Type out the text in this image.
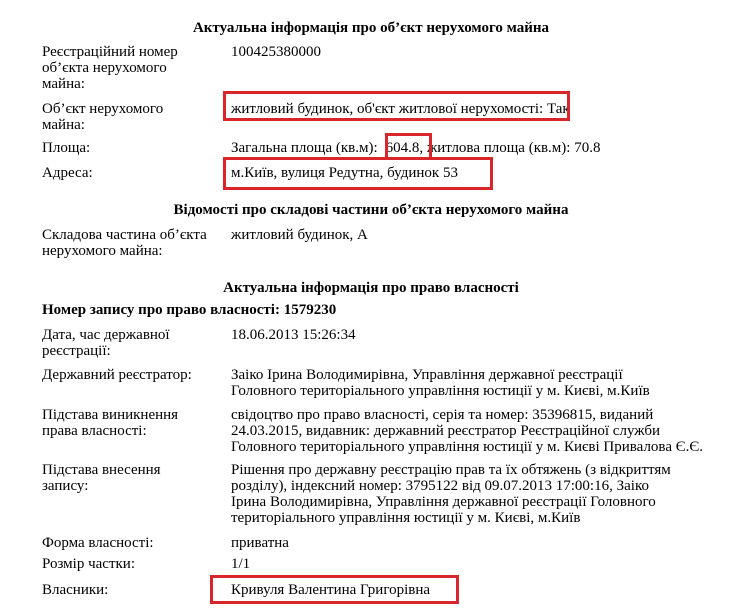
Актуальна інформація про об’єкт нерухомого майна
Реєстраційний номер
об’єкта нерухомого
майна:
100425380000
Об’єкт нерухомого
майна:
житловий будинок, об'єкт житлової нерухомості: Так
Площа:	Загальна площа (кв.м): 604.8, житлова площа (кв.м): 70.8
Адреса:	м.Київ, вулиця Редутна, будинок 53
Відомості про складові частини об’єкта нерухомого майна
Складова частина об’єкта
нерухомого майна:
житловий будинок, А
Актуальна інформація про право власності
Номер запису про право власності: 1579230
Дата, час державної
реєстрації:
18.06.2013 15:26:34
Державний реєстратор:	Заіко Ірина Володимирівна, Управління державної реєстрації
Головного територіального управління юстиції у м. Києві, м.Київ
Підстава виникнення
права власності:
свідоцтво про право власності, серія та номер: 35396815, виданий
24.03.2015, видавник: державний реєстратор Реєстраційної служби
Головного територіального управління юстиції у м. Києві Привалова Є.Є.
Підстава внесення
запису:
Рішення про державну реєстрацію прав та їх обтяжень (з відкриттям
розділу), індексний номер: 3795122 від 09.07.2013 17:00:16, Заіко
Ірина Володимирівна, Управління державної реєстрації Головного
територіального управління юстиції у м. Києві, м.Київ
Форма власності:	приватна
Розмір частки:	1/1
Власники:	Кривуля Валентина Григорівна
